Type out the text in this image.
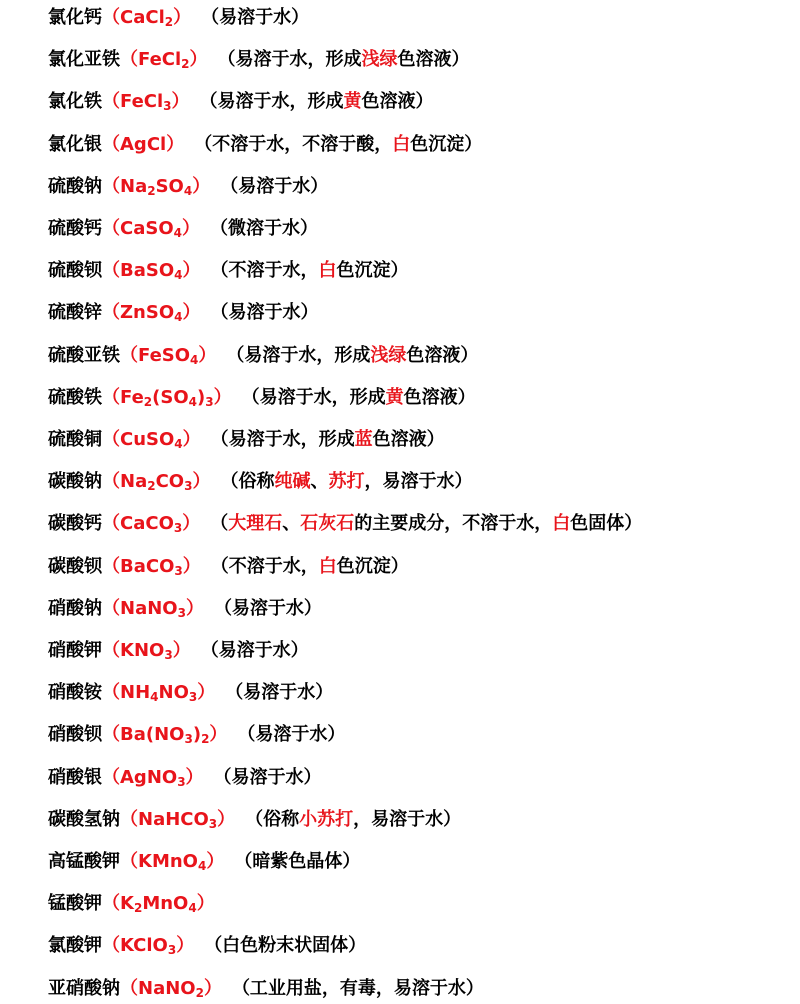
氯化钙（CaCl$_2$） （易溶于水）
氯化亚铁（FeCl$_2$） （易溶于水，形成浅绿色溶液）
氯化铁（FeCl$_3$） （易溶于水，形成黄色溶液）
氯化银（AgCl） （不溶于水，不溶于酸，白色沉淀）
硫酸钠$(Na_2SO_4)$ （易溶于水）
硫酸钙（CaSO$_4$） （微溶于水）
硫酸钡（BaSO$_4$） （不溶于水，白色沉淀）
硫酸锌（ZnSO$_4$） （易溶于水）
硫酸亚铁（FeSO$_4$） （易溶于水，形成浅绿色溶液）
硫酸铁$(Fe_2(SO_4)_3)$ （易溶于水，形成黄色溶液）
硫酸铜（CuSO$_4$） （易溶于水，形成蓝色溶液）
碳酸钠$(Na_2CO_3)$ （俗称纯碱、苏打，易溶于水）
碳酸钙（CaCO$_3$） （大理石、石灰石的主要成分，不溶于水，白色固体）
碳酸钡（BaCO$_3$） （不溶于水，白色沉淀）
硝酸钠（NaNO$_3$） （易溶于水）
硝酸钾$(KNO_3)$ （易溶于水）
硝酸铵$(NH_4NO_3)$ （易溶于水）
硝酸钡$(Ba(NO_3)_2)$ （易溶于水）
硝酸银（AgNO$_3$） （易溶于水）
碳酸氢钠（NaHCO$_3$） （俗称小苏打，易溶于水）
高锰酸钾（KMnO$_4$） （暗紫色晶体）
锰酸钾$(K_2MnO_4)$
氯酸钾（KClO$_3$） （白色粉末状固体）
亚硝酸钠（NaNO$_2$） （工业用盐，有毒，易溶于水）
